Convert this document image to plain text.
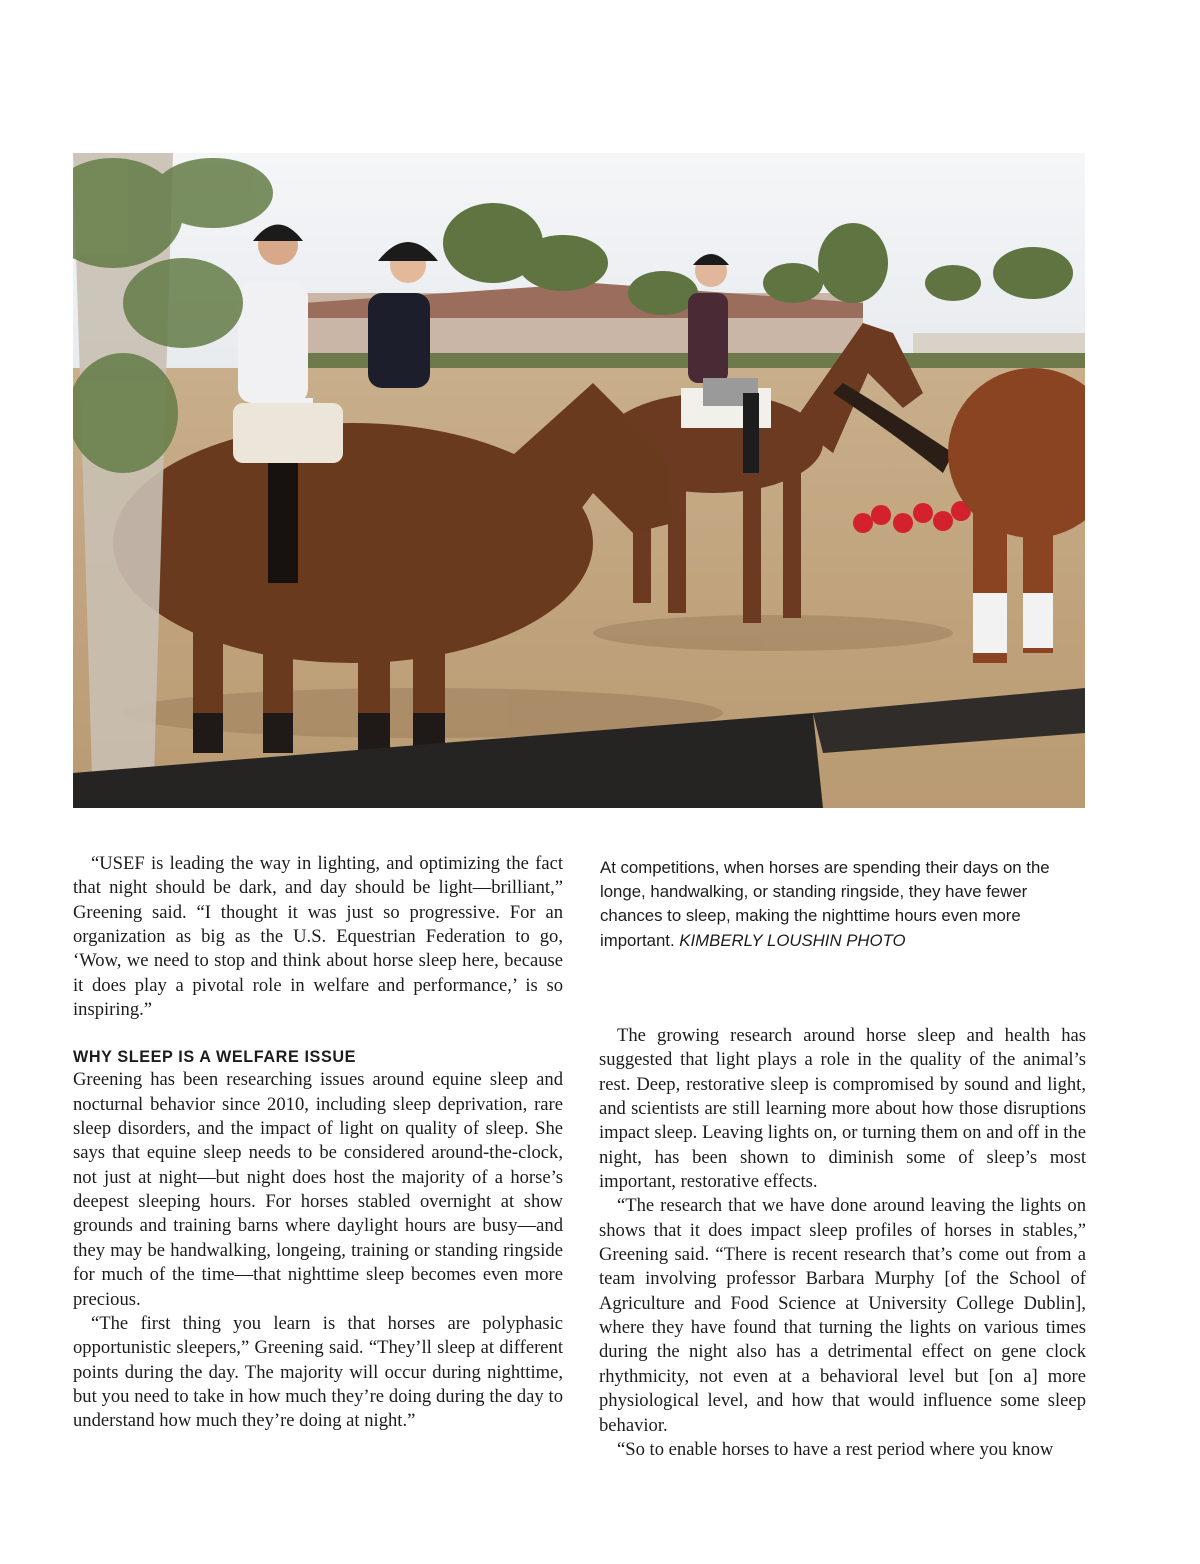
“USEF is leading the way in lighting, and optimizing the fact that night should be dark, and day should be light—brilliant,” Greening said. “I thought it was just so progressive. For an organization as big as the U.S. Equestrian Federation to go, ‘Wow, we need to stop and think about horse sleep here, because it does play a pivotal role in welfare and performance,’ is so inspiring.”

WHY SLEEP IS A WELFARE ISSUE

Greening has been researching issues around equine sleep and nocturnal behavior since 2010, including sleep deprivation, rare sleep disorders, and the impact of light on quality of sleep. She says that equine sleep needs to be considered around-the-clock, not just at night—but night does host the majority of a horse’s deepest sleeping hours. For horses stabled overnight at show grounds and training barns where daylight hours are busy—and they may be handwalking, longeing, training or standing ringside for much of the time—that nighttime sleep becomes even more precious.

“The first thing you learn is that horses are polyphasic opportunistic sleepers,” Greening said. “They’ll sleep at different points during the day. The majority will occur during nighttime, but you need to take in how much they’re doing during the day to understand how much they’re doing at night.”

At competitions, when horses are spending their days on the longe, handwalking, or standing ringside, they have fewer chances to sleep, making the nighttime hours even more important. KIMBERLY LOUSHIN PHOTO

The growing research around horse sleep and health has suggested that light plays a role in the quality of the animal’s rest. Deep, restorative sleep is compromised by sound and light, and scientists are still learning more about how those disruptions impact sleep. Leaving lights on, or turning them on and off in the night, has been shown to diminish some of sleep’s most important, restorative effects.

“The research that we have done around leaving the lights on shows that it does impact sleep profiles of horses in stables,” Greening said. “There is recent research that’s come out from a team involving professor Barbara Murphy [of the School of Agriculture and Food Science at University College Dublin], where they have found that turning the lights on various times during the night also has a detrimental effect on gene clock rhythmicity, not even at a behavioral level but [on a] more physiological level, and how that would influence some sleep behavior.

“So to enable horses to have a rest period where you know
